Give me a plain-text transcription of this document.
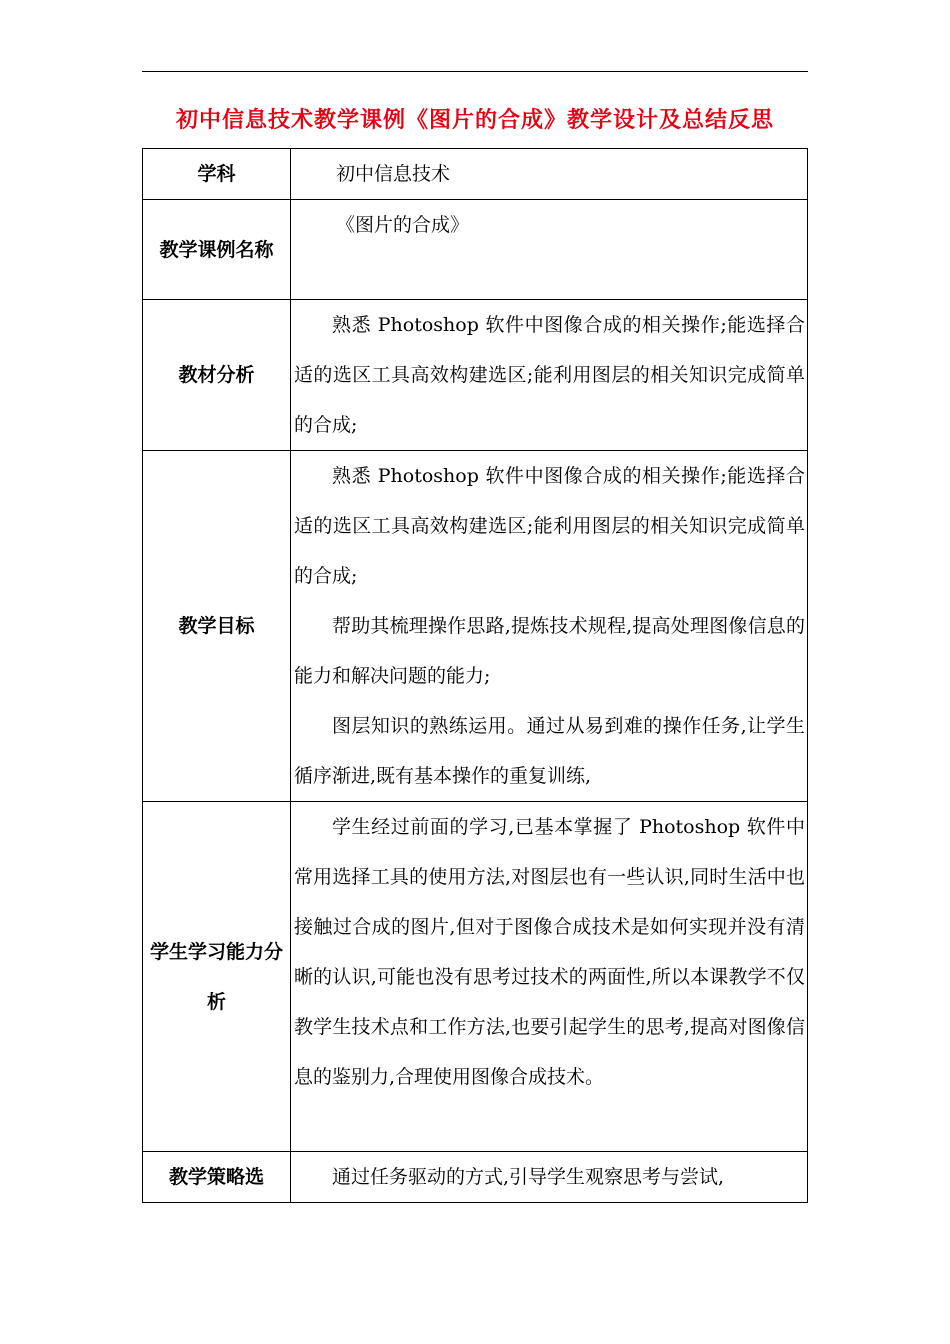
初中信息技术教学课例《图片的合成》教学设计及总结反思
学科	初中信息技术

教学课例名称	《图片的合成》

教材分析	熟悉 Photoshop 软件中图像合成的相关操作;能选择合适的选区工具高效构建选区;能利用图层的相关知识完成简单的合成;

教学目标	熟悉 Photoshop 软件中图像合成的相关操作;能选择合适的选区工具高效构建选区;能利用图层的相关知识完成简单的合成;

帮助其梳理操作思路,提炼技术规程,提高处理图像信息的能力和解决问题的能力;

图层知识的熟练运用。通过从易到难的操作任务,让学生循序渐进,既有基本操作的重复训练,

学生学习能力分析	学生经过前面的学习,已基本掌握了 Photoshop 软件中常用选择工具的使用方法,对图层也有一些认识,同时生活中也接触过合成的图片,但对于图像合成技术是如何实现并没有清晰的认识,可能也没有思考过技术的两面性,所以本课教学不仅教学生技术点和工作方法,也要引起学生的思考,提高对图像信息的鉴别力,合理使用图像合成技术。

教学策略选	通过任务驱动的方式,引导学生观察思考与尝试,
